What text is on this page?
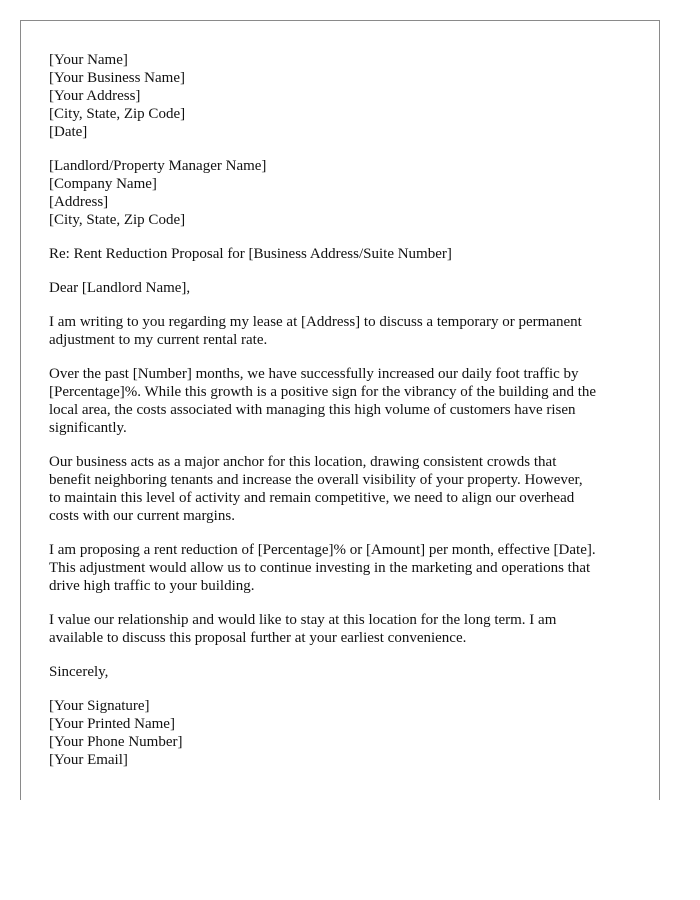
[Your Name]
[Your Business Name]
[Your Address]
[City, State, Zip Code]
[Date]
[Landlord/Property Manager Name]
[Company Name]
[Address]
[City, State, Zip Code]
Re: Rent Reduction Proposal for [Business Address/Suite Number]
Dear [Landlord Name],
I am writing to you regarding my lease at [Address] to discuss a temporary or permanent
adjustment to my current rental rate.
Over the past [Number] months, we have successfully increased our daily foot traffic by
[Percentage]%. While this growth is a positive sign for the vibrancy of the building and the
local area, the costs associated with managing this high volume of customers have risen
significantly.
Our business acts as a major anchor for this location, drawing consistent crowds that
benefit neighboring tenants and increase the overall visibility of your property. However,
to maintain this level of activity and remain competitive, we need to align our overhead
costs with our current margins.
I am proposing a rent reduction of [Percentage]% or [Amount] per month, effective [Date].
This adjustment would allow us to continue investing in the marketing and operations that
drive high traffic to your building.
I value our relationship and would like to stay at this location for the long term. I am
available to discuss this proposal further at your earliest convenience.
Sincerely,
[Your Signature]
[Your Printed Name]
[Your Phone Number]
[Your Email]
